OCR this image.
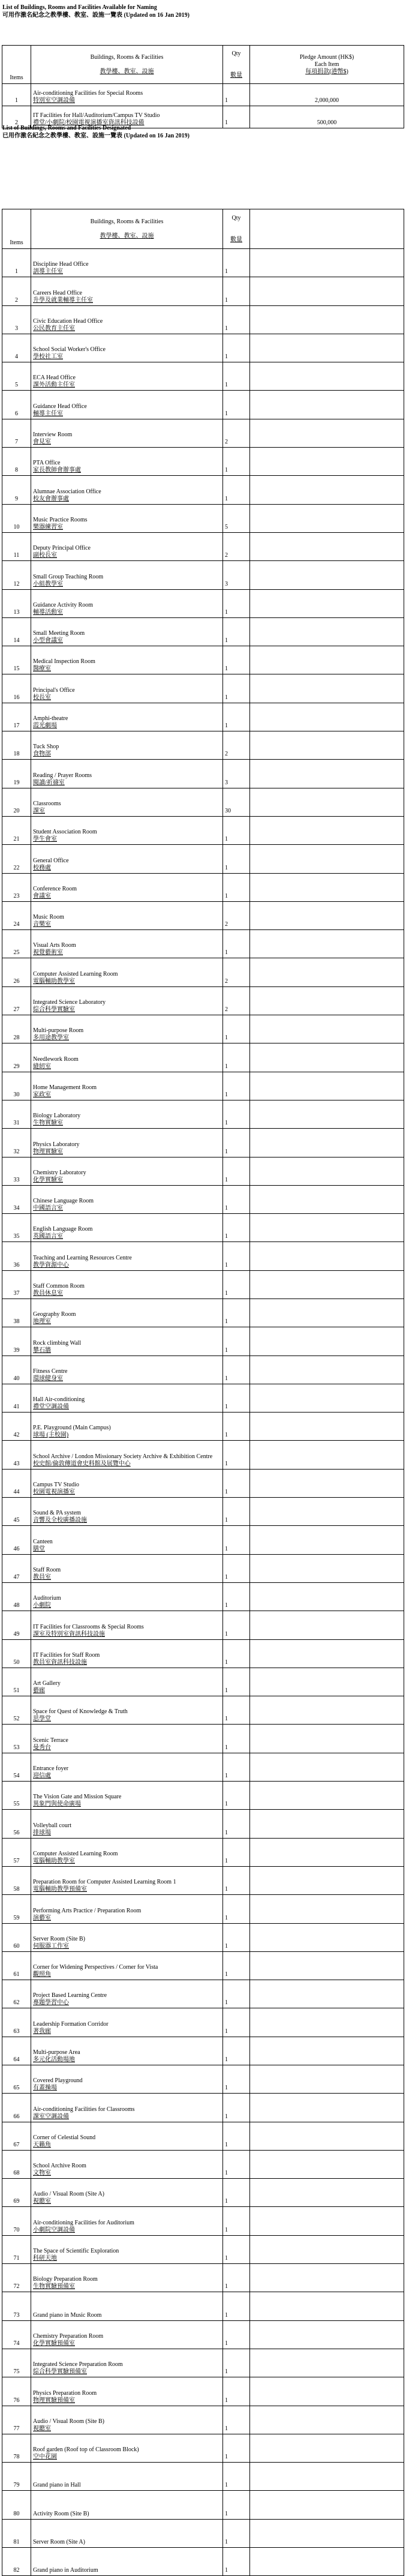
List of Buildings, Rooms and Facilities Available for Naming
可用作激名紀念之教學樓、教室、設施一覽表 (Updated on 16 Jan 2019)
Items	Buildings, Rooms & Facilities

教學樓、教室、設施	Qty

數量	Pledge Amount (HK$)
Each Item
每項捐款(港幣$)

1	Air-conditioning Facilities for Special Rooms
特別室空調設備	1	2,000,000
2	IT Facilities for Hall/Auditorium/Campus TV Studio
禮堂/小劇院/校園電視演播室資訊科技設備	1	500,000
List of Buildings, Rooms and Facilities Designated
已用作激名紀念之教學樓、教室、設施一覽表 (Updated on 16 Jan 2019)
Items	Buildings, Rooms & Facilities

教學樓、教室、設施	Qty

數量	

1	Discipline Head Office
訓導主任室	1	
2	Careers Head Office
升學及就業輔導主任室	1	
3	Civic Education Head Office
公民教育主任室	1	
4	School Social Worker's Office
學校社工室	1	
5	ECA Head Office
課外活動主任室	1	
6	Guidance Head Office
輔導主任室	1	
7	Interview Room
會見室	2	
8	PTA Office
家長教師會辦事處	1	
9	Alumnae Association Office
校友會辦事處	1	
10	Music Practice Rooms
樂器練習室	5	
11	Deputy Principal Office
副校長室	2	
12	Small Group Teaching Room
小組教學室	3	
13	Guidance Activity Room
輔導活動室	1	
14	Small Meeting Room
小型會議室	1	
15	Medical Inspection Room
醫療室	1	
16	Principal's Office
校長室	1	
17	Amphi-theatre
霞光劇場	1	
18	Tuck Shop
食物部	2	
19	Reading / Prayer Rooms
閱讀/祈禱室	3	
20	Classrooms
課室	30	
21	Student Association Room
學生會室	1	
22	General Office
校務處	1	
23	Conference Room
會議室	1	
24	Music Room
音樂室	2	
25	Visual Arts Room
視覺藝術室	1	
26	Computer Assisted Learning Room
電腦輔助教學室	2	
27	Integrated Science Laboratory
綜合科學實驗室	2	
28	Multi-purpose Room
多用途教學室	1	
29	Needlework Room
縫紉室	1	
30	Home Management Room
家政室	1	
31	Biology Laboratory
生物實驗室	1	
32	Physics Laboratory
物理實驗室	1	
33	Chemistry Laboratory
化學實驗室	1	
34	Chinese Language Room
中國語言室	1	
35	English Language Room
英國語言室	1	
36	Teaching and Learning Resources Centre
教學資源中心	1	
37	Staff Common Room
教員休息室	1	
38	Geography Room
地理室	1	
39	Rock climbing Wall
攀石牆	1	
40	Fitness Centre
環球健身室	1	
41	Hall Air-conditioning
禮堂空調設備	1	
42	P.E. Playground (Main Campus)
球場 (主校園)	1	
43	School Archive / London Missionary Society Archive & Exhibition Centre
校史館/倫敦傳道會史料館及展覽中心	1	
44	Campus TV Studio
校園電視演播室	1	
45	Sound & PA system
音響及全校廣播設施	1	
46	Canteen
膳堂	1	
47	Staff Room
教員室	1	
48	Auditorium
小劇院	1	
49	IT Facilities for Classrooms & Special Rooms
課室及特別室資訊科技設施	1	
50	IT Facilities for Staff Room
教員室資訊科技設施	1	
51	Art Gallery
藝廊	1	
52	Space for Quest of Knowledge & Truth
思學堂	1	
53	Scenic Terrace
曼秀台	1	
54	Entrance foyer
迎信處	1	
55	The Vision Gate and Mission Square
異象門與使命廣場	1	
56	Volleyball court
排球場	1	
57	Computer Assisted Learning Room
電腦輔助教學室	1	
58	Preparation Room for Computer Assisted Learning Room 1
電腦輔助教學預備室	1	
59	Performing Arts Practice / Preparation Room
演藝室	1	
60	Server Room (Site B)
伺服器工作室	1	
61	Corner for Widening Perspectives / Corner for Vista
觀照角	1	
62	Project Based Learning Centre
專題學習中心	1	
63	Leadership Formation Corridor
著我廊	1	
64	Multi-purpose Area
多元化活動場地	1	
65	Covered Playground
有蓋操場	1	
66	Air-conditioning Facilities for Classrooms
課室空調設備	1	
67	Corner of Celestial Sound
天籟角	1	
68	School Archive Room
文物室	1	
69	Audio / Visual Room (Site A)
視聽室	1	
70	Air-conditioning Facilities for Auditorium
小劇院空調設備	1	
71	The Space of Scientific Exploration
科研天地	1	
72	Biology Preparation Room
生物實驗預備室	1	
73	Grand piano in Music Room	1	
74	Chemistry Preparation Room
化學實驗預備室	1	
75	Integrated Science Preparation Room
綜合科學實驗預備室	1	
76	Physics Preparation Room
物理實驗預備室	1	
77	Audio / Visual Room (Site B)
視聽室	1	
78	Roof garden (Roof top of Classroom Block)
空中花園	1	
79	Grand piano in Hall	1	
80	Activity Room (Site B)	1	
81	Server Room (Site A)	1	
82	Grand piano in Auditorium	1	
